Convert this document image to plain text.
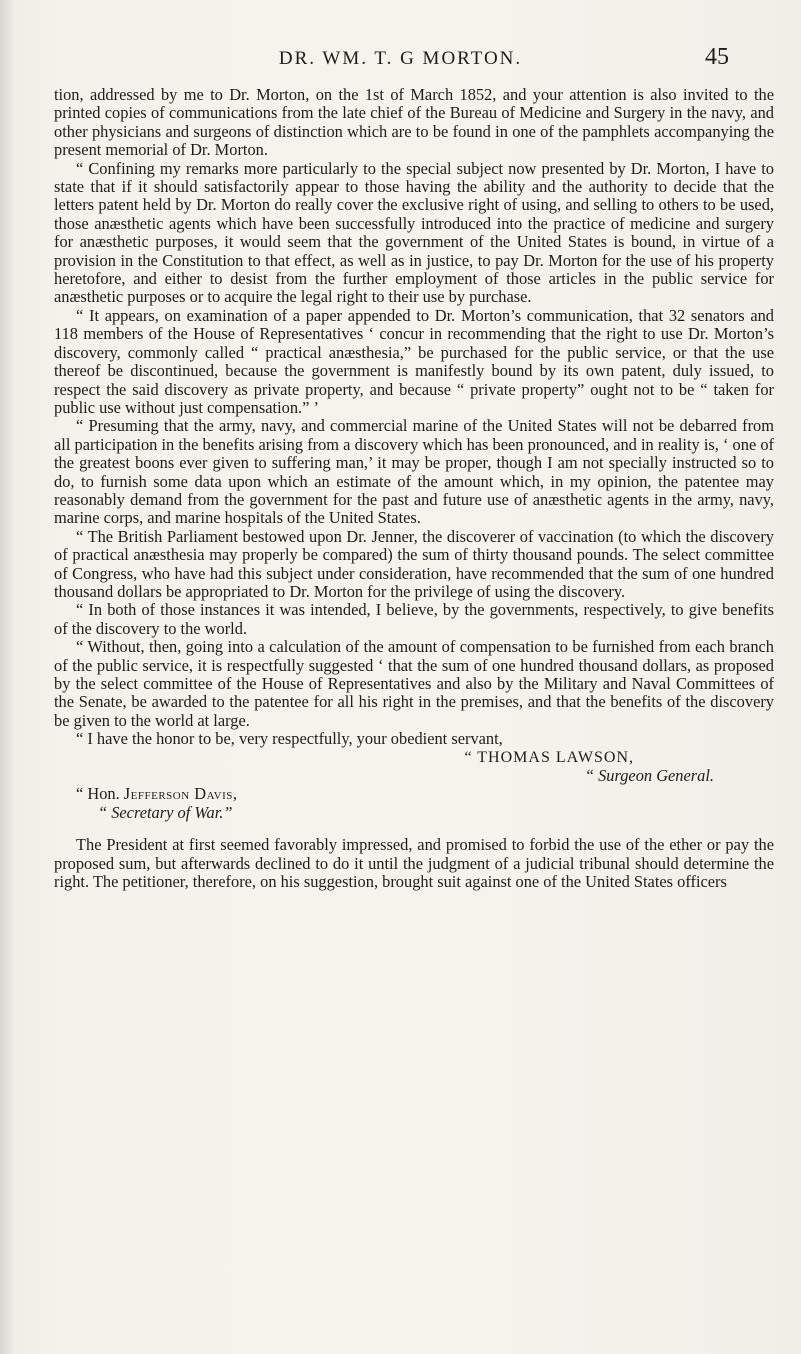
DR. WM. T. G MORTON.	45

tion, addressed by me to Dr. Morton, on the 1st of March 1852, and your attention is also invited to the printed copies of communications from the late chief of the Bureau of Medicine and Surgery in the navy, and other physicians and surgeons of distinction which are to be found in one of the pamphlets accompanying the present memorial of Dr. Morton.

“ Confining my remarks more particularly to the special subject now presented by Dr. Morton, I have to state that if it should satisfactorily appear to those having the ability and the authority to decide that the letters patent held by Dr. Morton do really cover the exclusive right of using, and selling to others to be used, those anæsthetic agents which have been successfully introduced into the practice of medicine and surgery for anæsthetic purposes, it would seem that the government of the United States is bound, in virtue of a provision in the Constitution to that effect, as well as in justice, to pay Dr. Morton for the use of his property heretofore, and either to desist from the further employment of those articles in the public service for anæsthetic purposes or to acquire the legal right to their use by purchase.

“ It appears, on examination of a paper appended to Dr. Morton’s communication, that 32 senators and 118 members of the House of Representatives ‘ concur in recommending that the right to use Dr. Morton’s discovery, commonly called “ practical anæsthesia,” be purchased for the public service, or that the use thereof be discontinued, because the government is manifestly bound by its own patent, duly issued, to respect the said discovery as private property, and because “ private property” ought not to be “ taken for public use without just compensation.” ’

“ Presuming that the army, navy, and commercial marine of the United States will not be debarred from all participation in the benefits arising from a discovery which has been pronounced, and in reality is, ‘ one of the greatest boons ever given to suffering man,’ it may be proper, though I am not specially instructed so to do, to furnish some data upon which an estimate of the amount which, in my opinion, the patentee may reasonably demand from the government for the past and future use of anæsthetic agents in the army, navy, marine corps, and marine hospitals of the United States.

“ The British Parliament bestowed upon Dr. Jenner, the discoverer of vaccination (to which the discovery of practical anæsthesia may properly be compared) the sum of thirty thousand pounds. The select committee of Congress, who have had this subject under consideration, have recommended that the sum of one hundred thousand dollars be appropriated to Dr. Morton for the privilege of using the discovery.

“ In both of those instances it was intended, I believe, by the governments, respectively, to give benefits of the discovery to the world.

“ Without, then, going into a calculation of the amount of compensation to be furnished from each branch of the public service, it is respectfully suggested ‘ that the sum of one hundred thousand dollars, as proposed by the select committee of the House of Representatives and also by the Military and Naval Committees of the Senate, be awarded to the patentee for all his right in the premises, and that the benefits of the discovery be given to the world at large.

“ I have the honor to be, very respectfully, your obedient servant,

“ THOMAS LAWSON,
“ Surgeon General.
“ Hon. Jefferson Davis,
“ Secretary of War.”

The President at first seemed favorably impressed, and promised to forbid the use of the ether or pay the proposed sum, but afterwards declined to do it until the judgment of a judicial tribunal should determine the right. The petitioner, therefore, on his suggestion, brought suit against one of the United States officers
